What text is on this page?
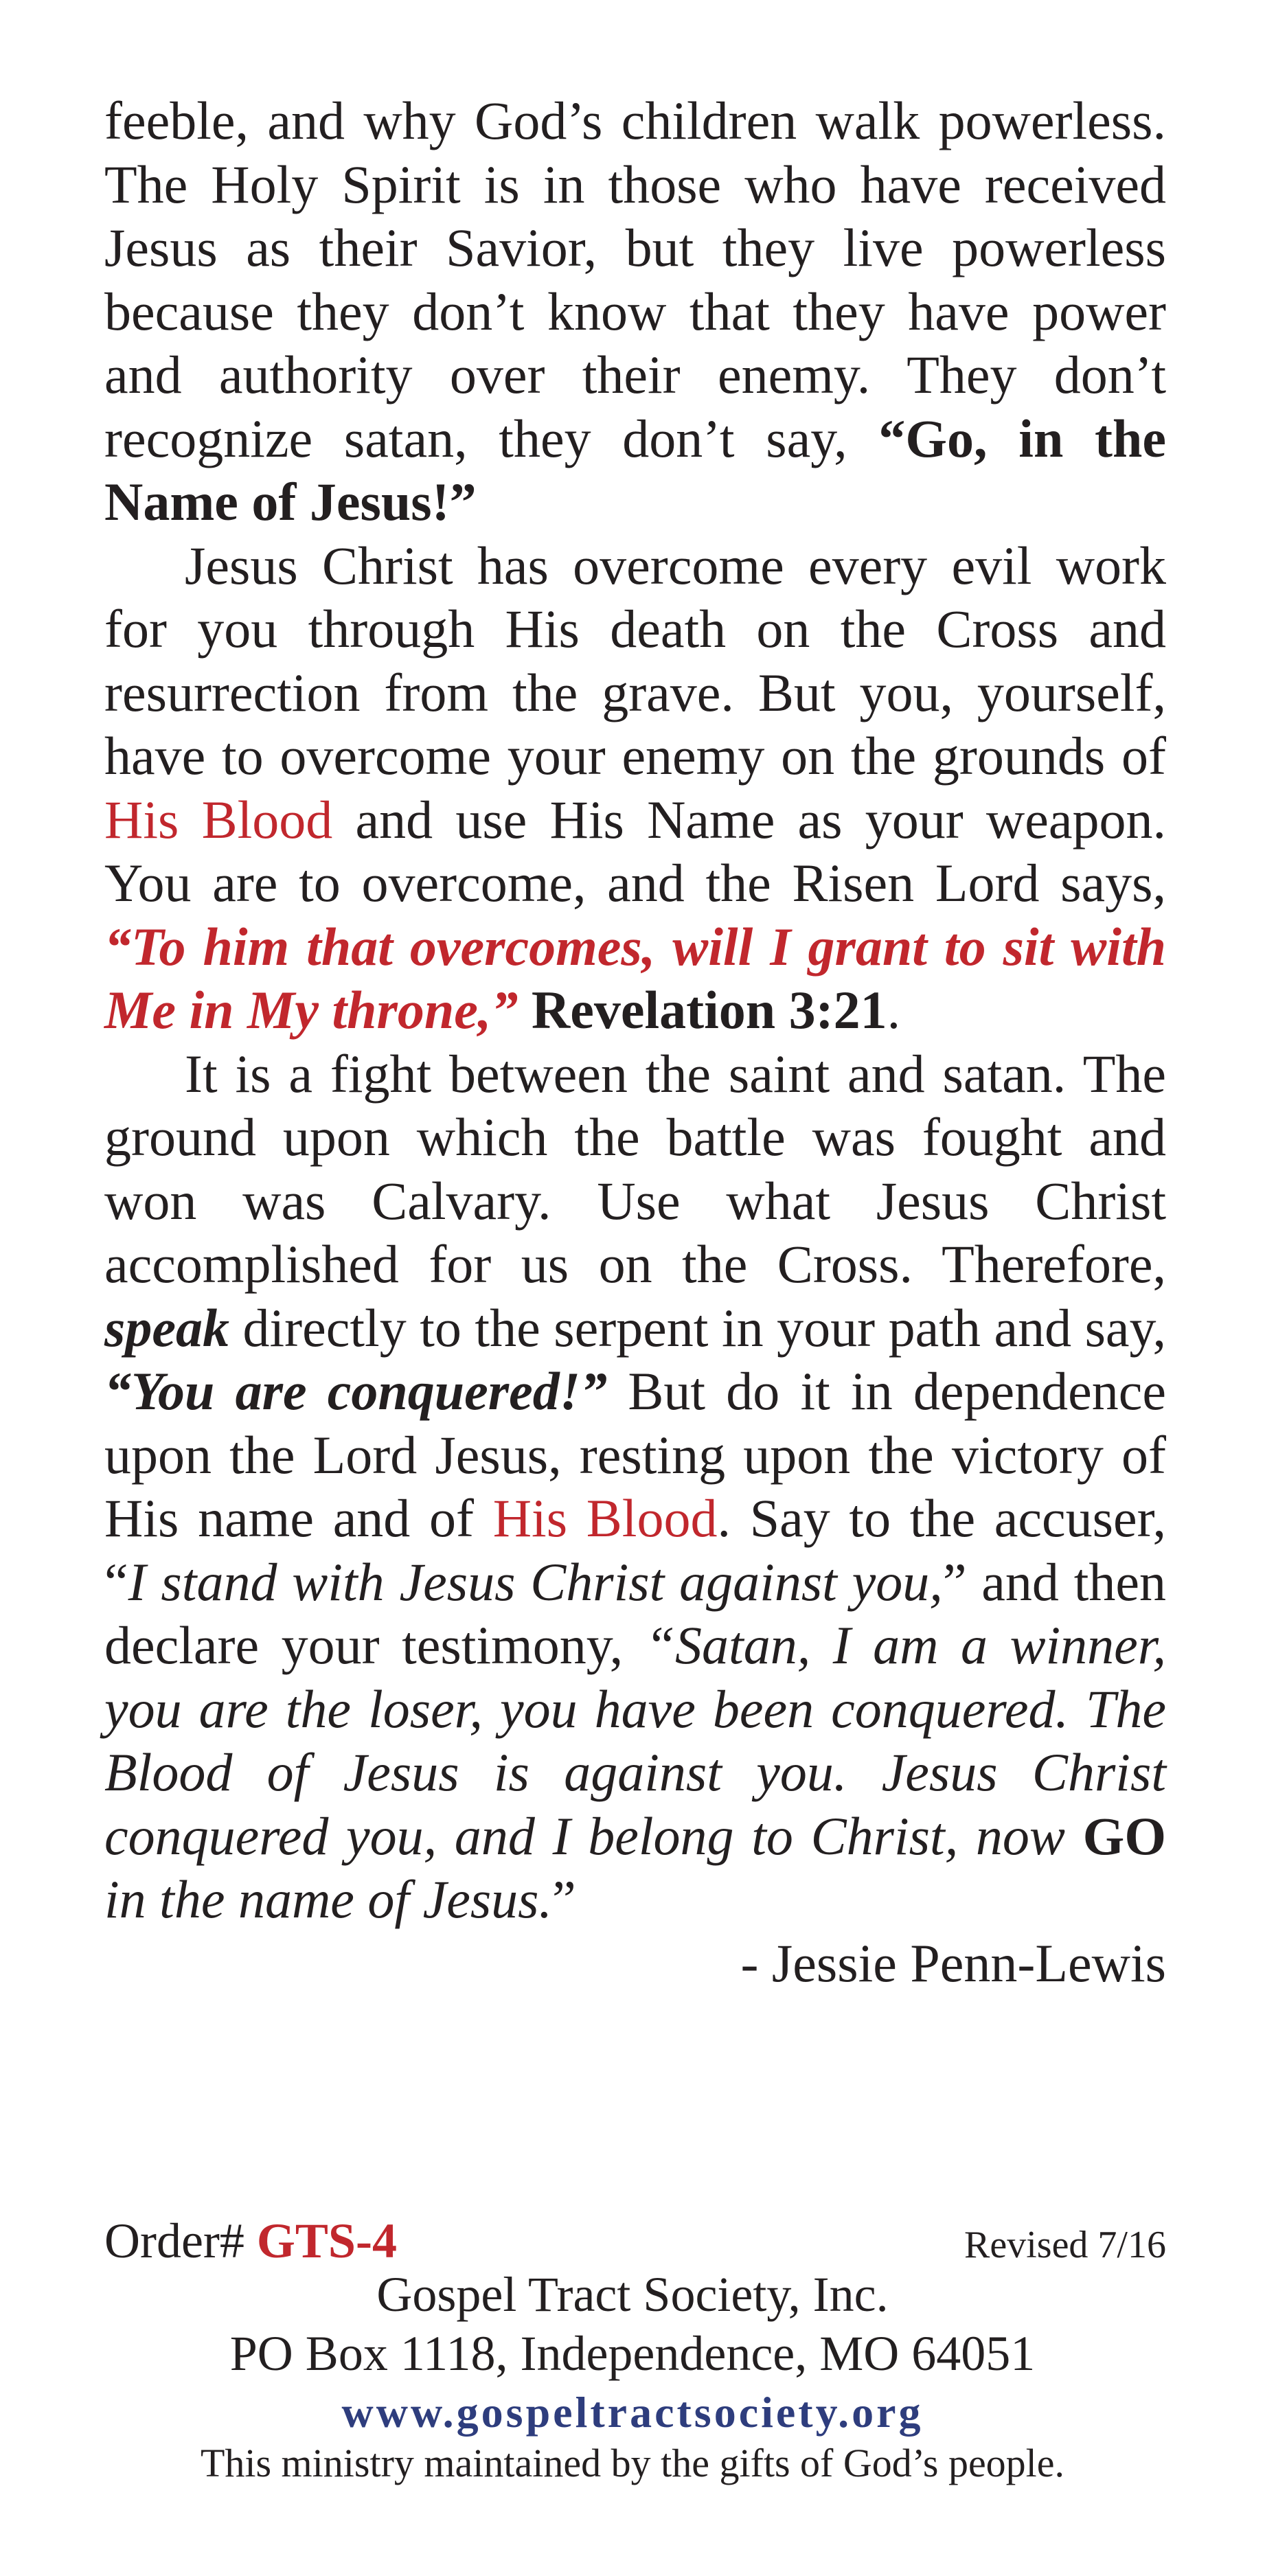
feeble, and why God’s children walk powerless. The Holy Spirit is in those who have received Jesus as their Savior, but they live powerless because they don’t know that they have power and authority over their enemy. They don’t recognize satan, they don’t say, “Go, in the Name of Jesus!”

Jesus Christ has overcome every evil work for you through His death on the Cross and resurrection from the grave. But you, yourself, have to overcome your enemy on the grounds of His Blood and use His Name as your weapon. You are to overcome, and the Risen Lord says, “To him that overcomes, will I grant to sit with Me in My throne,” Revelation 3:21.

It is a fight between the saint and satan. The ground upon which the battle was fought and won was Calvary. Use what Jesus Christ accomplished for us on the Cross. Therefore, speak directly to the serpent in your path and say, “You are conquered!” But do it in dependence upon the Lord Jesus, resting upon the victory of His name and of His Blood. Say to the accuser, “I stand with Jesus Christ against you,” and then declare your testimony, “Satan, I am a winner, you are the loser, you have been conquered. The Blood of Jesus is against you. Jesus Christ conquered you, and I belong to Christ, now GO in the name of Jesus.”

- Jessie Penn-Lewis

Order# GTS-4	Revised 7/16
Gospel Tract Society, Inc.
PO Box 1118, Independence, MO 64051
www.gospeltractsociety.org
This ministry maintained by the gifts of God’s people.
